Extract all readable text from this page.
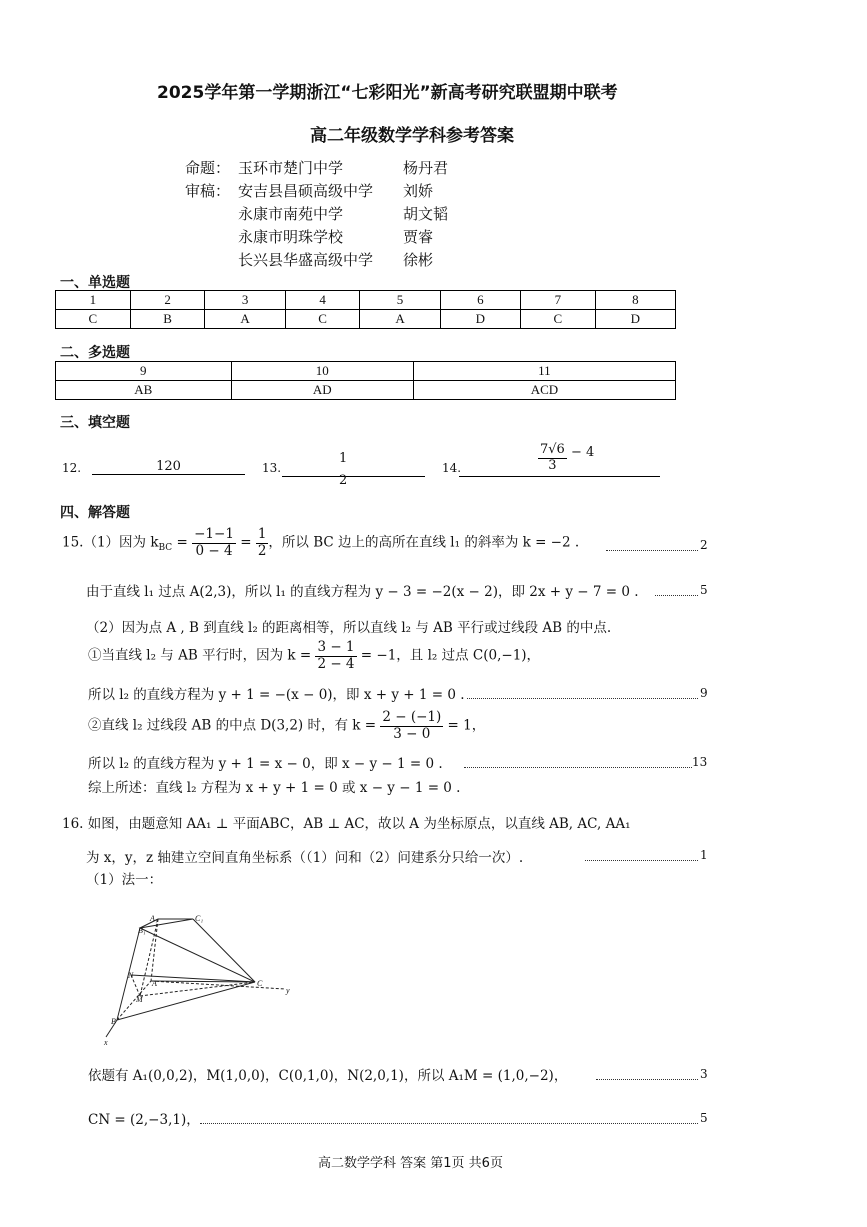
2025学年第一学期浙江“七彩阳光”新高考研究联盟期中联考
高二年级数学学科参考答案
命题： 玉环市楚门中学	杨丹君
审稿： 安吉县昌硕高级中学 刘娇
永康市南苑中学	胡文韬
永康市明珠学校	贾睿
长兴县华盛高级中学 徐彬
一、单选题
1	2	3	4	5	6	7	8
C	B	A	C	A	D	C	D
二、多选题
9	10	11
AB	AD	ACD
三、填空题
12.	120	13.
1
2
14.	$\frac{7√6}{3} - 4$
四、解答题
15.（1）因为 $k_{BC} = \frac{-1-1}{0 - 4} = \frac{1}{2}$ ，所以 BC 边上的高所在直线 l₁ 的斜率为 k = −2 .	2
由于直线 l₁ 过点 A(2,3)，所以 l₁ 的直线方程为 y − 3 = −2(x − 2)，即 2x + y − 7 = 0 .	5
（2）因为点 A , B 到直线 l₂ 的距离相等，所以直线 l₂ 与 AB 平行或过线段 AB 的中点.
①当直线 l₂ 与 AB 平行时，因为 $k = \frac{3 - 1}{2 - 4} = -1$，且 l₂ 过点 C(0,−1)，
所以 l₂ 的直线方程为 y + 1 = −(x − 0)，即 x + y + 1 = 0 .	9
②直线 l₂ 过线段 AB 的中点 D(3,2) 时，有 $k = \frac{2 - (-1)}{3 - 0} = 1$，
所以 l₂ 的直线方程为 y + 1 = x − 0，即 x − y − 1 = 0 .	13
综上所述：直线 l₂ 方程为 x + y + 1 = 0 或 x − y − 1 = 0 .
16. 如图，由题意知 AA₁ ⊥ 平面ABC，AB ⊥ AC，故以 A 为坐标原点，以直线 AB, AC, AA₁
为 x，y，z 轴建立空间直角坐标系（（1）问和（2）问建系分只给一次）.	1
（1）法一：
A₁	C₁
B₁
N
A
M
C
B
y
x
依题有 A₁(0,0,2)，M(1,0,0)，C(0,1,0)，N(2,0,1)，所以 A₁M = (1,0,−2)，	3
CN = (2,−3,1)，	5
高二数学学科 答案 第1页 共6页
